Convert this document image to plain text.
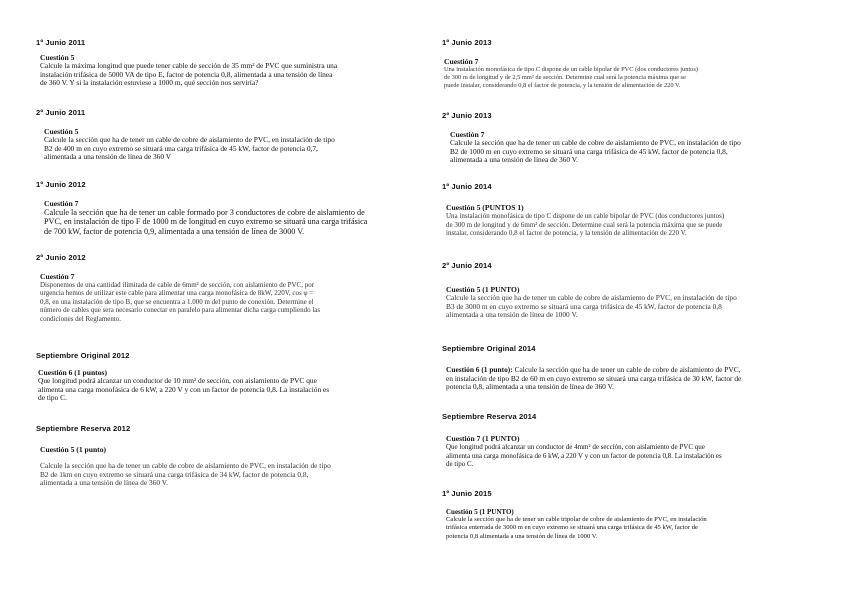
1º Junio 2011

Cuestión 5

Calcule la máxima longitud que puede tener cable de sección de 35 mm² de PVC que suministra una
instalación trifásica de 5000 VA de tipo E, factor de potencia 0,8, alimentada a una tensión de línea
de 360 V. Y si la instalación estuviese a 1000 m, qué sección nos serviría?

2º Junio 2011

Cuestión 5

Calcule la sección que ha de tener un cable de cobre de aislamiento de PVC, en instalación de tipo
B2 de 400 m en cuyo extremo se situará una carga trifásica de 45 kW, factor de potencia 0,7,
alimentada a una tensión de línea de 360 V

1º Junio 2012

Cuestión 7

Calcule la sección que ha de tener un cable formado por 3 conductores de cobre de aislamiento de
PVC, en instalación de tipo F de 1000 m de longitud en cuyo extremo se situará una carga trifásica
de 700 kW, factor de potencia 0,9, alimentada a una tensión de línea de 3000 V.

2º Junio 2012

Cuestión 7

Disponemos de una cantidad ilimitada de cable de 6mm² de sección, con aislamiento de PVC, por
urgencia hemos de utilizar este cable para alimentar una carga monofásica de 8kW, 220V, cos φ =
0,8, en una instalación de tipo B, que se encuentra a 1.000 m del punto de conexión. Determine el
número de cables que sera necesario conectar en paralelo para alimentar dicha carga cumpliendo las
condiciones del Reglamento.

Septiembre Original 2012

Cuestión 6 (1 puntos)

Que longitud podrá alcanzar un conductor de 10 mm² de sección, con aislamiento de PVC que
alimenta una carga monofásica de 6 kW, a 220 V y con un factor de potencia 0,8. La instalación es
de tipo C.

Septiembre Reserva 2012

Cuestión 5 (1 punto)

Calcule la sección que ha de tener un cable de cobre de aislamiento de PVC, en instalación de tipo
B2 de 1km en cuyo extremo se situará una carga trifásica de 34 kW, factor de potencia 0,8,
alimentada a una tensión de línea de 360 V.

1º Junio 2013

Cuestión 7

Una instalación monofásica de tipo C dispone de un cable bipolar de PVC (dos conductores juntos)
de 300 m de longitud y de 2,5 mm² de sección. Determine cual será la potencia máxima que se
puede instalar, considerando 0,8 el factor de potencia, y la tensión de alimentación de 220 V.

2º Junio 2013

Cuestión 7

Calcule la sección que ha de tener un cable de cobre de aislamiento de PVC, en instalación de tipo
B2 de 1000 m en cuyo extremo se situará una carga trifásica de 45 kW, factor de potencia 0,8,
alimentada a una tensión de línea de 360 V.

1º Junio 2014

Cuestión 5 (PUNTOS 1)

Una instalación monofásica de tipo C dispone de un cable bipolar de PVC (dos conductores juntos)
de 300 m de longitud y de 6mm² de sección. Determine cual será la potencia máxima que se puede
instalar, considerando 0,8 el factor de potencia, y la tensión de alimentación de 220 V.

2º Junio 2014

Cuestión 5 (1 PUNTO)

Calcule la sección que ha de tener un cable de cobre de aislamiento de PVC, en instalación de tipo
B3 de 3000 m en cuyo extremo se situará una carga trifásica de 45 kW, factor de potencia 0,8
alimentada a una tensión de línea de 1000 V.

Septiembre Original 2014

Cuestión 6 (1 punto): Calcule la sección que ha de tener un cable de cobre de aislamiento de PVC,
en instalación de tipo B2 de 60 m en cuyo extremo se situará una carga trifásica de 30 kW, factor de
potencia 0,8, alimentada a una tensión de línea de 360 V.

Septiembre Reserva 2014

Cuestión 7 (1 PUNTO)

Que longitud podrá alcanzar un conductor de 4mm² de sección, con aislamiento de PVC que
alimenta una carga monofásica de 6 kW, a 220 V y con un factor de potencia 0,8. La instalación es
de tipo C.

1º Junio 2015

Cuestión 5 (1 PUNTO)

Calcule la sección que ha de tener un cable tripolar de cobre de aislamiento de PVC, en instalación
trifásica enterrada de 3000 m en cuyo extremo se situará una carga trifásica de 45 kW, factor de
potencia 0,8 alimentada a una tensión de línea de 1000 V.
